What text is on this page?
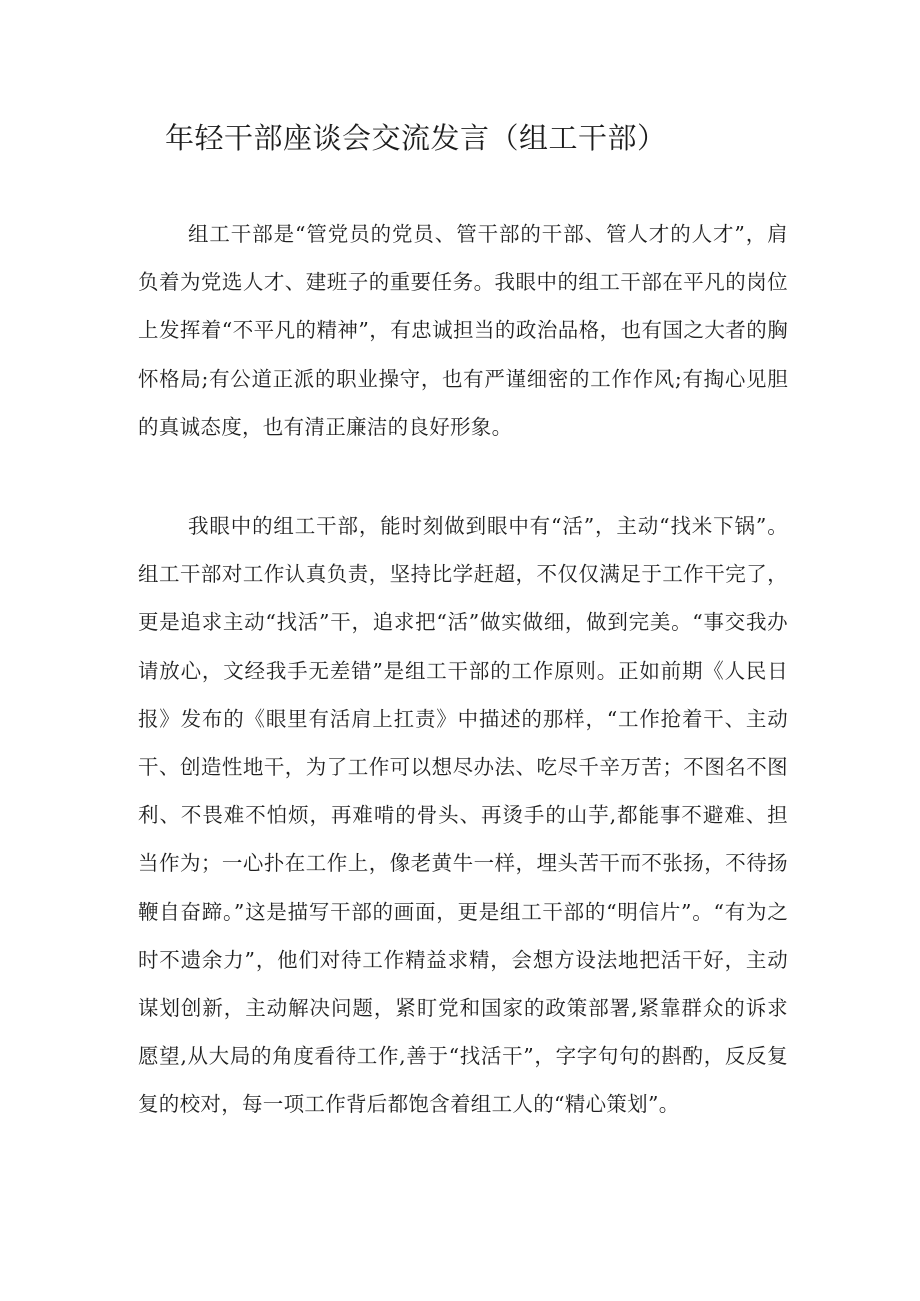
年轻干部座谈会交流发言（组工干部）

组工干部是“管党员的党员、管干部的干部、管人才的人才”，肩负着为党选人才、建班子的重要任务。我眼中的组工干部在平凡的岗位上发挥着“不平凡的精神”，有忠诚担当的政治品格，也有国之大者的胸怀格局;有公道正派的职业操守，也有严谨细密的工作作风;有掏心见胆的真诚态度，也有清正廉洁的良好形象。

我眼中的组工干部，能时刻做到眼中有“活”，主动“找米下锅”。组工干部对工作认真负责，坚持比学赶超，不仅仅满足于工作干完了，更是追求主动“找活”干，追求把“活”做实做细，做到完美。“事交我办请放心，文经我手无差错”是组工干部的工作原则。正如前期《人民日报》发布的《眼里有活肩上扛责》中描述的那样，“工作抢着干、主动干、创造性地干，为了工作可以想尽办法、吃尽千辛万苦；不图名不图利、不畏难不怕烦，再难啃的骨头、再烫手的山芋,都能事不避难、担当作为；一心扑在工作上，像老黄牛一样，埋头苦干而不张扬，不待扬鞭自奋蹄。”这是描写干部的画面，更是组工干部的“明信片”。“有为之时不遗余力”，他们对待工作精益求精，会想方设法地把活干好，主动谋划创新，主动解决问题，紧盯党和国家的政策部署,紧靠群众的诉求愿望,从大局的角度看待工作,善于“找活干”，字字句句的斟酌，反反复复的校对，每一项工作背后都饱含着组工人的“精心策划”。
